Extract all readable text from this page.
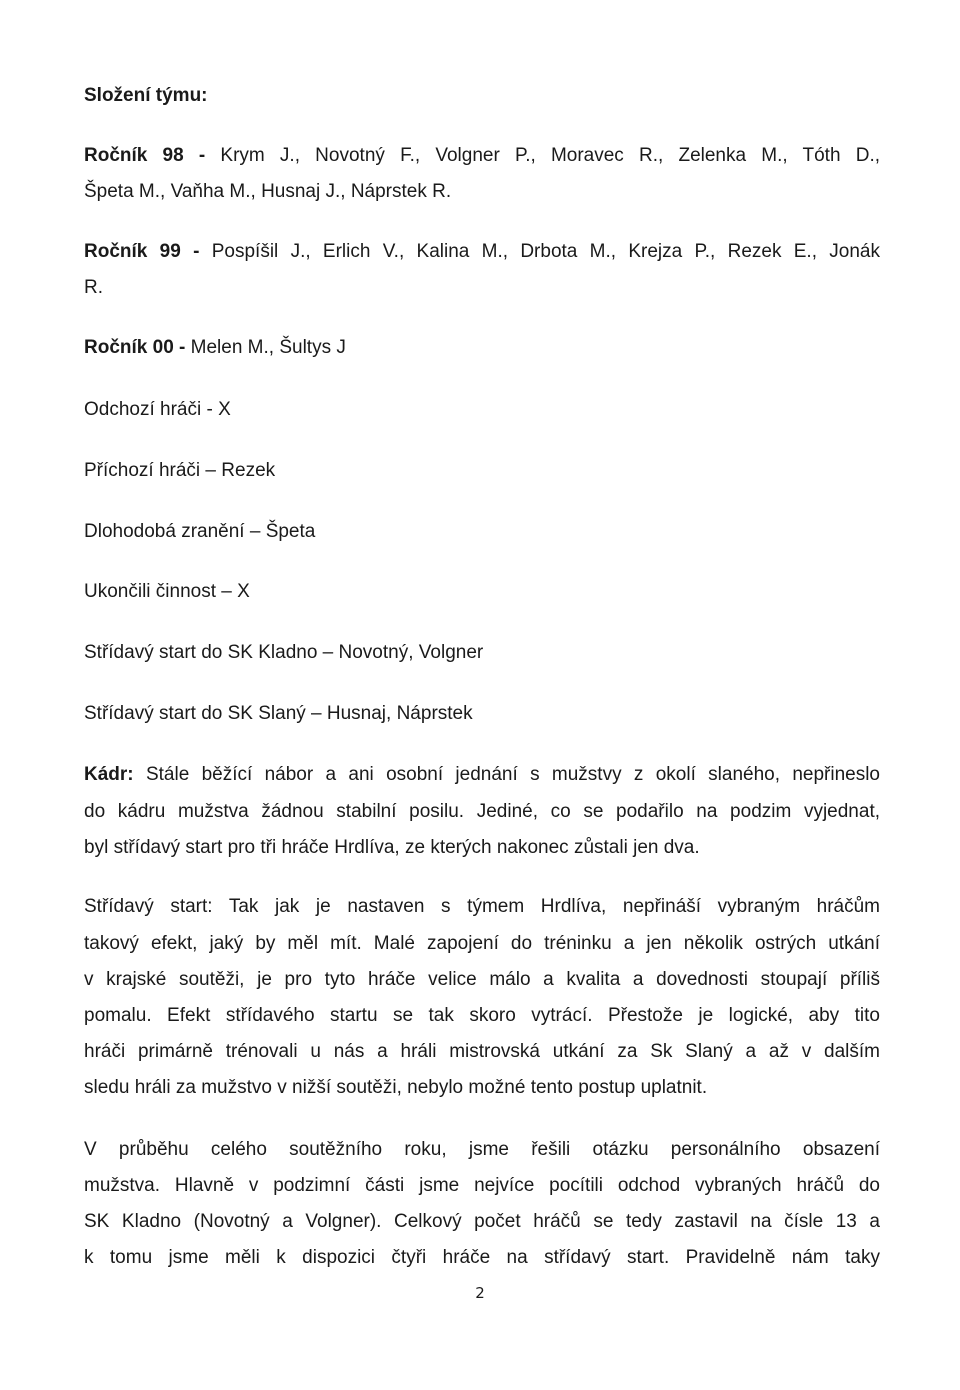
Složení týmu:
Ročník 98 - Krym J., Novotný F., Volgner P., Moravec R., Zelenka M., Tóth D.,
Špeta M., Vaňha M., Husnaj J., Náprstek R.
Ročník 99 - Pospíšil J., Erlich V., Kalina M., Drbota M., Krejza P., Rezek E., Jonák
R.
Ročník 00 - Melen M., Šultys J
Odchozí hráči - X
Příchozí hráči – Rezek
Dlohodobá zranění – Špeta
Ukončili činnost – X
Střídavý start do SK Kladno – Novotný, Volgner
Střídavý start do SK Slaný – Husnaj, Náprstek
Kádr: Stále běžící nábor a ani osobní jednání s mužstvy z okolí slaného, nepřineslo
do kádru mužstva žádnou stabilní posilu. Jediné, co se podařilo na podzim vyjednat,
byl střídavý start pro tři hráče Hrdlíva, ze kterých nakonec zůstali jen dva.
Střídavý start: Tak jak je nastaven s týmem Hrdlíva, nepřináší vybraným hráčům
takový efekt, jaký by měl mít. Malé zapojení do tréninku a jen několik ostrých utkání
v krajské soutěži, je pro tyto hráče velice málo a kvalita a dovednosti stoupají příliš
pomalu. Efekt střídavého startu se tak skoro vytrácí. Přestože je logické, aby tito
hráči primárně trénovali u nás a hráli mistrovská utkání za Sk Slaný a až v dalším
sledu hráli za mužstvo v nižší soutěži, nebylo možné tento postup uplatnit.
V průběhu celého soutěžního roku, jsme řešili otázku personálního obsazení
mužstva. Hlavně v podzimní části jsme nejvíce pocítili odchod vybraných hráčů do
SK Kladno (Novotný a Volgner). Celkový počet hráčů se tedy zastavil na čísle 13 a
k tomu jsme měli k dispozici čtyři hráče na střídavý start. Pravidelně nám taky
2
